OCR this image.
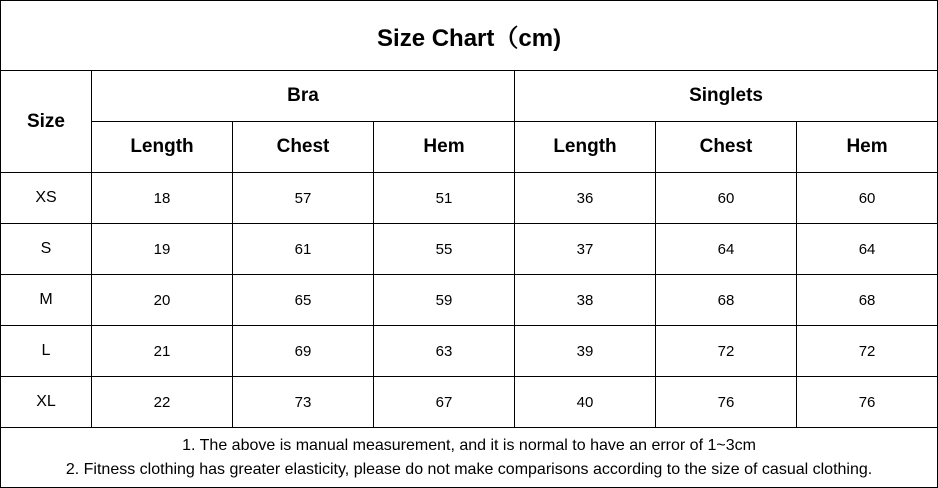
Size Chart（cm)						
Size	Bra			Singlets		
	Length	Chest	Hem	Length	Chest	Hem
XS	18	57	51	36	60	60
S	19	61	55	37	64	64
M	20	65	59	38	68	68
L	21	69	63	39	72	72
XL	22	73	67	40	76	76

1. The above is manual measurement, and it is normal to have an error of 1~3cm
2. Fitness clothing has greater elasticity, please do not make comparisons according to the size of casual clothing.						
